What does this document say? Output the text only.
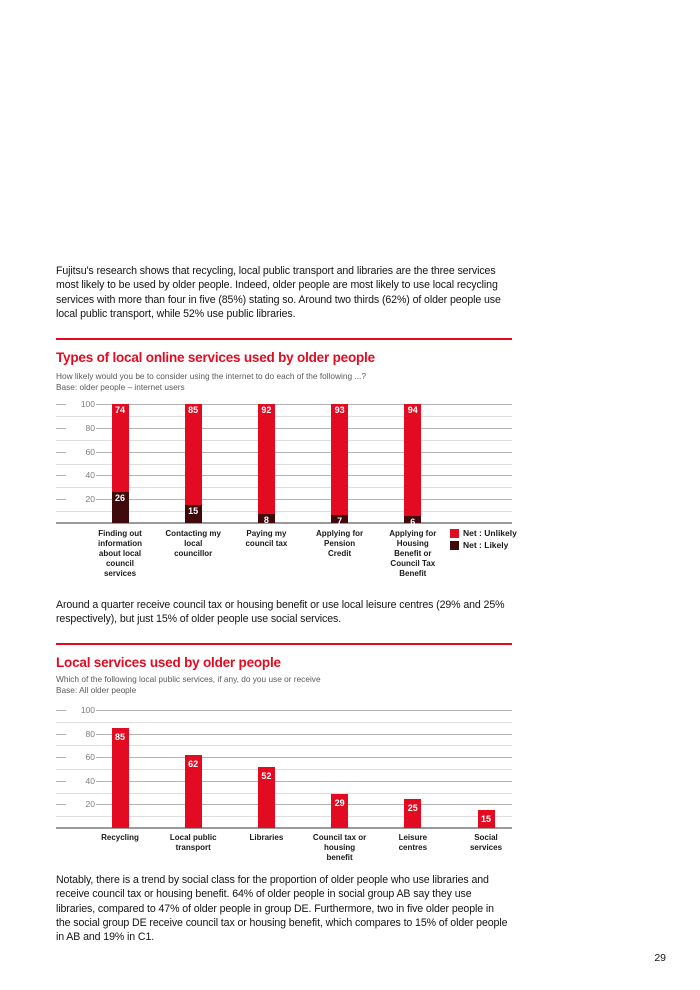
Fujitsu's research shows that recycling, local public transport and libraries are the three services most likely to be used by older people. Indeed, older people are most likely to use local recycling services with more than four in five (85%) stating so. Around two thirds (62%) of older people use local public transport, while 52% use public libraries.

Types of local online services used by older people

How likely would you be to consider using the internet to do each of the following ...?

Base: older people – internet users

20
40
60
80
100
74
26
85
15
92
8
93
7
94
6
Finding out information about local council services
Contacting my local councillor
Paying my council tax
Applying for Pension Credit
Applying for Housing Benefit or Council Tax Benefit
Net : Unlikely
Net : Likely

Around a quarter receive council tax or housing benefit or use local leisure centres (29% and 25% respectively), but just 15% of older people use social services.

Local services used by older people

Which of the following local public services, if any, do you use or receive

Base: All older people

20
40
60
80
100
85
62
52
29	25
15
Recycling	Local public transport
Libraries	Council tax or housing benefit
Leisure centres
Social services

Notably, there is a trend by social class for the proportion of older people who use libraries and receive council tax or housing benefit. 64% of older people in social group AB say they use libraries, compared to 47% of older people in group DE. Furthermore, two in five older people in the social group DE receive council tax or housing benefit, which compares to 15% of older people in AB and 19% in C1.

29
